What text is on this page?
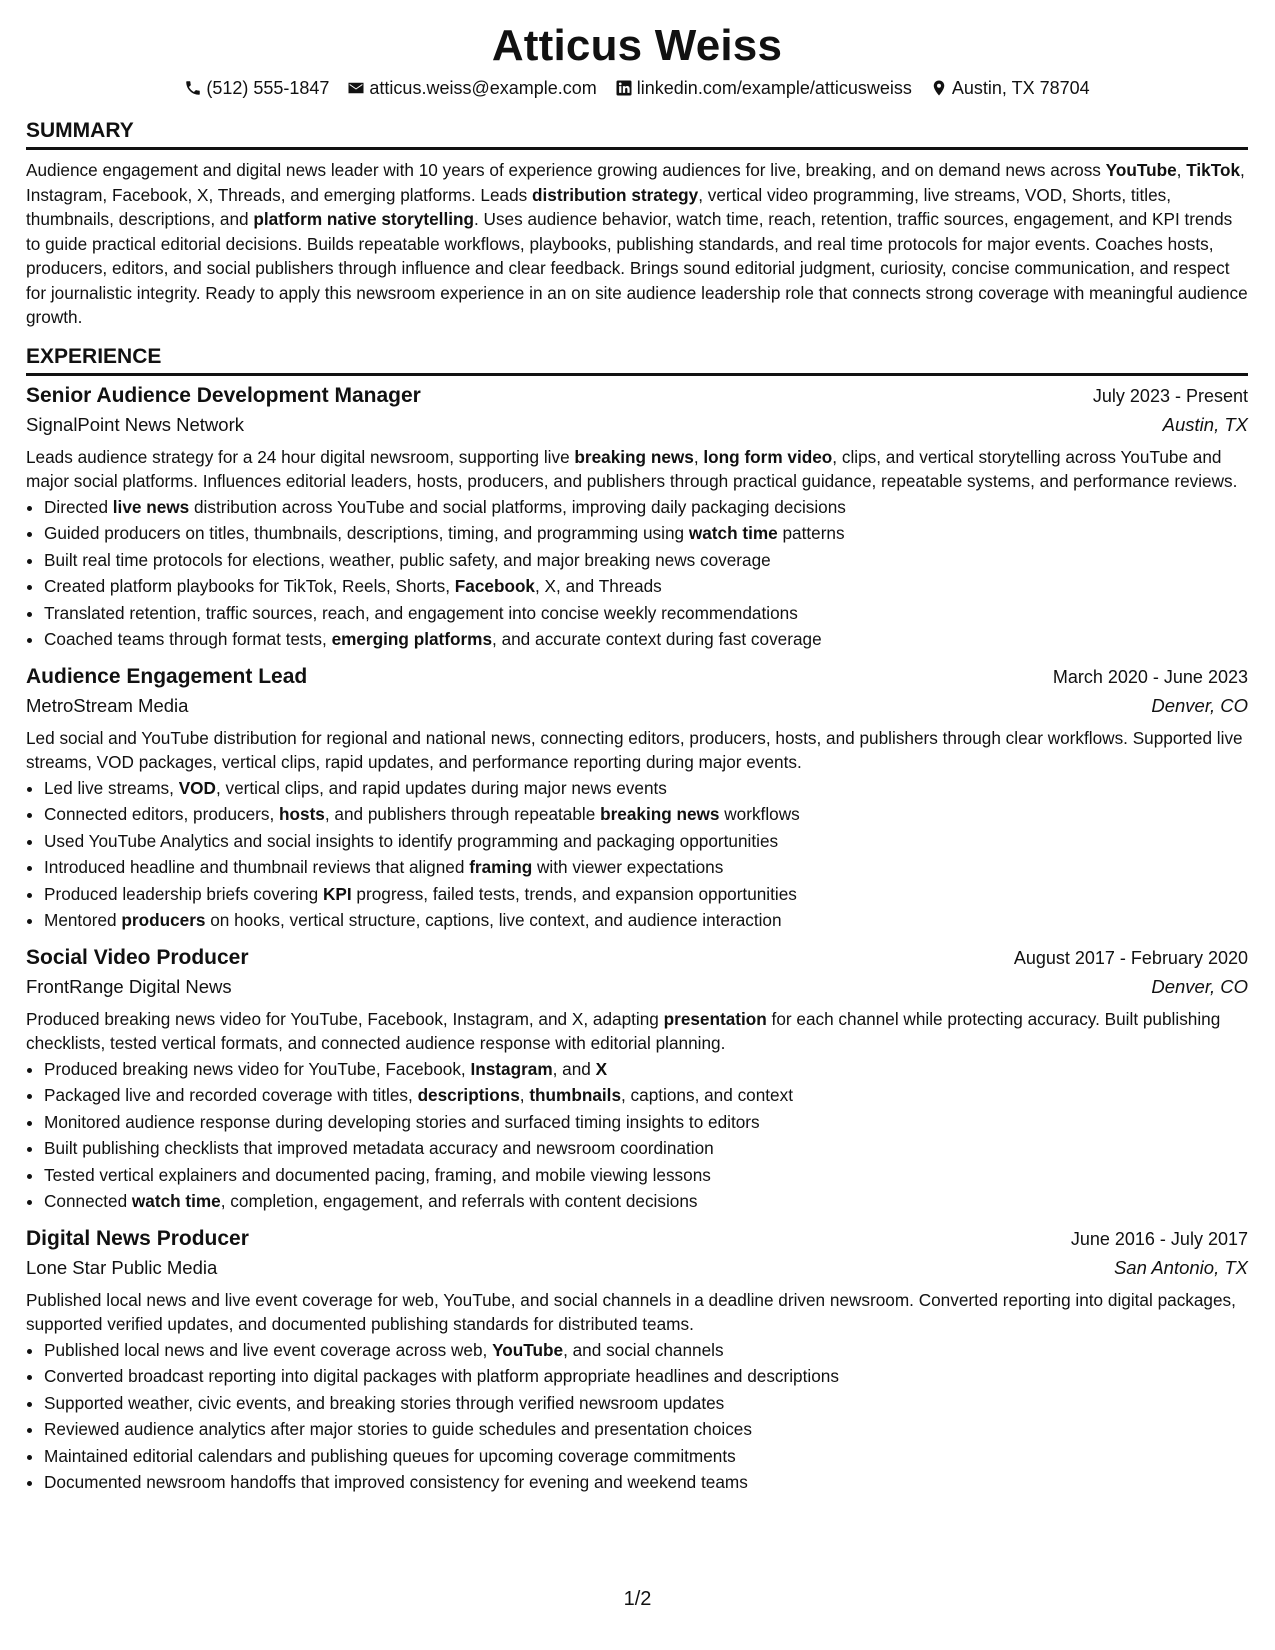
Atticus Weiss
(512) 555-1847 atticus.weiss@example.com linkedin.com/example/atticusweiss Austin, TX 78704
SUMMARY
Audience engagement and digital news leader with 10 years of experience growing audiences for live, breaking, and on demand news across YouTube, TikTok, Instagram, Facebook, X, Threads, and emerging platforms. Leads distribution strategy, vertical video programming, live streams, VOD, Shorts, titles, thumbnails, descriptions, and platform native storytelling. Uses audience behavior, watch time, reach, retention, traffic sources, engagement, and KPI trends to guide practical editorial decisions. Builds repeatable workflows, playbooks, publishing standards, and real time protocols for major events. Coaches hosts, producers, editors, and social publishers through influence and clear feedback. Brings sound editorial judgment, curiosity, concise communication, and respect for journalistic integrity. Ready to apply this newsroom experience in an on site audience leadership role that connects strong coverage with meaningful audience growth.
EXPERIENCE
Senior Audience Development Manager	July 2023 - Present
SignalPoint News Network	Austin, TX
Leads audience strategy for a 24 hour digital newsroom, supporting live breaking news, long form video, clips, and vertical storytelling across YouTube and major social platforms. Influences editorial leaders, hosts, producers, and publishers through practical guidance, repeatable systems, and performance reviews.
• Directed live news distribution across YouTube and social platforms, improving daily packaging decisions
• Guided producers on titles, thumbnails, descriptions, timing, and programming using watch time patterns
• Built real time protocols for elections, weather, public safety, and major breaking news coverage
• Created platform playbooks for TikTok, Reels, Shorts, Facebook, X, and Threads
• Translated retention, traffic sources, reach, and engagement into concise weekly recommendations
• Coached teams through format tests, emerging platforms, and accurate context during fast coverage
Audience Engagement Lead	March 2020 - June 2023
MetroStream Media	Denver, CO
Led social and YouTube distribution for regional and national news, connecting editors, producers, hosts, and publishers through clear workflows. Supported live streams, VOD packages, vertical clips, rapid updates, and performance reporting during major events.
• Led live streams, VOD, vertical clips, and rapid updates during major news events
• Connected editors, producers, hosts, and publishers through repeatable breaking news workflows
• Used YouTube Analytics and social insights to identify programming and packaging opportunities
• Introduced headline and thumbnail reviews that aligned framing with viewer expectations
• Produced leadership briefs covering KPI progress, failed tests, trends, and expansion opportunities
• Mentored producers on hooks, vertical structure, captions, live context, and audience interaction
Social Video Producer	August 2017 - February 2020
FrontRange Digital News	Denver, CO
Produced breaking news video for YouTube, Facebook, Instagram, and X, adapting presentation for each channel while protecting accuracy. Built publishing checklists, tested vertical formats, and connected audience response with editorial planning.
• Produced breaking news video for YouTube, Facebook, Instagram, and X
• Packaged live and recorded coverage with titles, descriptions, thumbnails, captions, and context
• Monitored audience response during developing stories and surfaced timing insights to editors
• Built publishing checklists that improved metadata accuracy and newsroom coordination
• Tested vertical explainers and documented pacing, framing, and mobile viewing lessons
• Connected watch time, completion, engagement, and referrals with content decisions
Digital News Producer	June 2016 - July 2017
Lone Star Public Media	San Antonio, TX
Published local news and live event coverage for web, YouTube, and social channels in a deadline driven newsroom. Converted reporting into digital packages, supported verified updates, and documented publishing standards for distributed teams.
• Published local news and live event coverage across web, YouTube, and social channels
• Converted broadcast reporting into digital packages with platform appropriate headlines and descriptions
• Supported weather, civic events, and breaking stories through verified newsroom updates
• Reviewed audience analytics after major stories to guide schedules and presentation choices
• Maintained editorial calendars and publishing queues for upcoming coverage commitments
• Documented newsroom handoffs that improved consistency for evening and weekend teams
1/2
